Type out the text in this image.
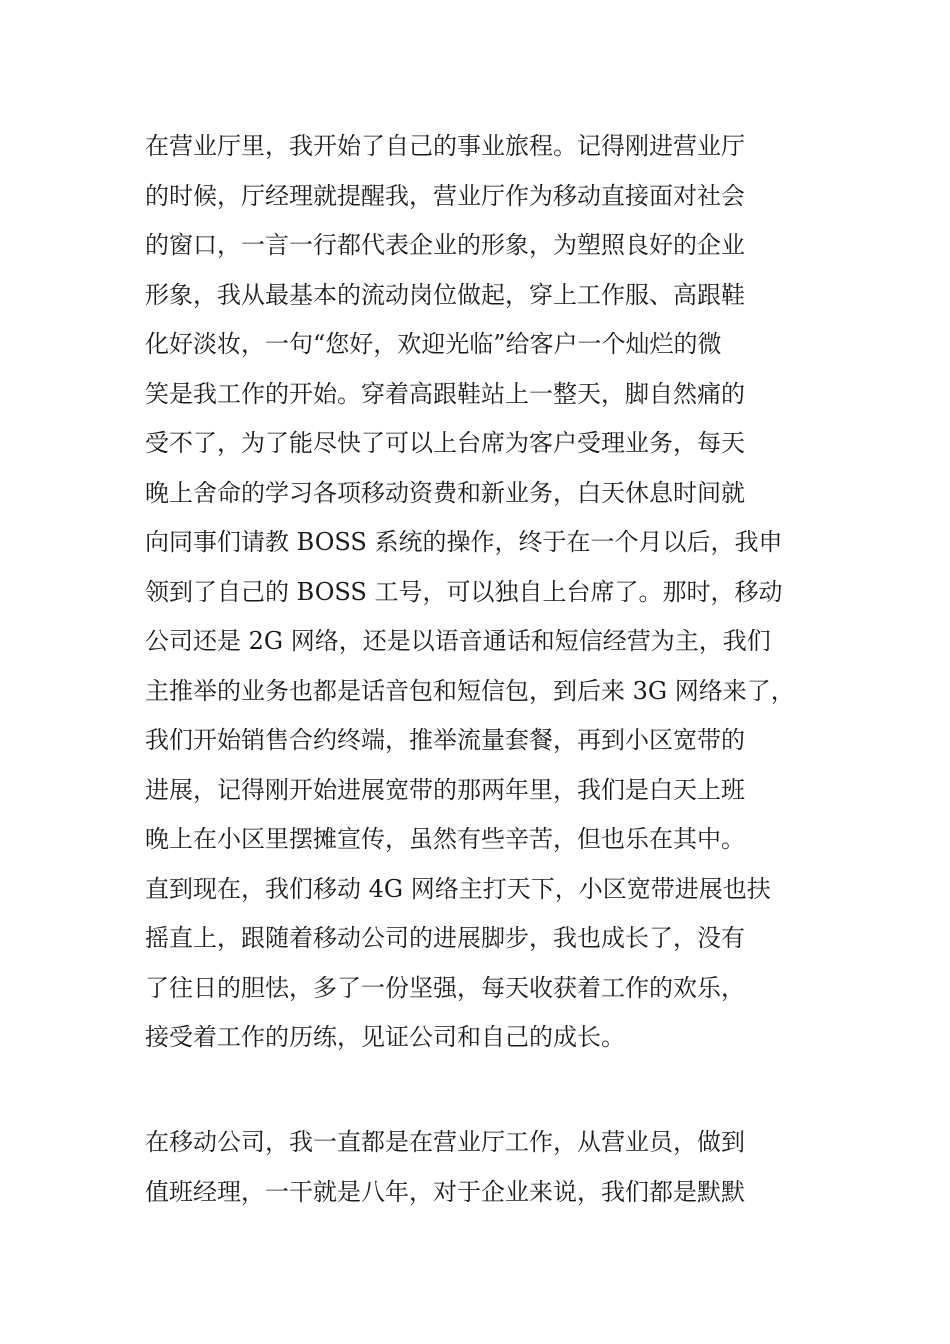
在营业厅里，我开始了自己的事业旅程。记得刚进营业厅
的时候，厅经理就提醒我，营业厅作为移动直接面对社会
的窗口，一言一行都代表企业的形象，为塑照良好的企业
形象，我从最基本的流动岗位做起，穿上工作服、高跟鞋
化好淡妆，一句“您好，欢迎光临”给客户一个灿烂的微
笑是我工作的开始。穿着高跟鞋站上一整天，脚自然痛的
受不了，为了能尽快了可以上台席为客户受理业务，每天
晚上舍命的学习各项移动资费和新业务，白天休息时间就
向同事们请教 BOSS 系统的操作，终于在一个月以后，我申
领到了自己的 BOSS 工号，可以独自上台席了。那时，移动
公司还是 2G 网络，还是以语音通话和短信经营为主，我们
主推举的业务也都是话音包和短信包，到后来 3G 网络来了，
我们开始销售合约终端，推举流量套餐，再到小区宽带的
进展，记得刚开始进展宽带的那两年里，我们是白天上班
晚上在小区里摆摊宣传，虽然有些辛苦，但也乐在其中。
直到现在，我们移动 4G 网络主打天下，小区宽带进展也扶
摇直上，跟随着移动公司的进展脚步，我也成长了，没有
了往日的胆怯，多了一份坚强，每天收获着工作的欢乐，
接受着工作的历练，见证公司和自己的成长。
在移动公司，我一直都是在营业厅工作，从营业员，做到
值班经理，一干就是八年，对于企业来说，我们都是默默
